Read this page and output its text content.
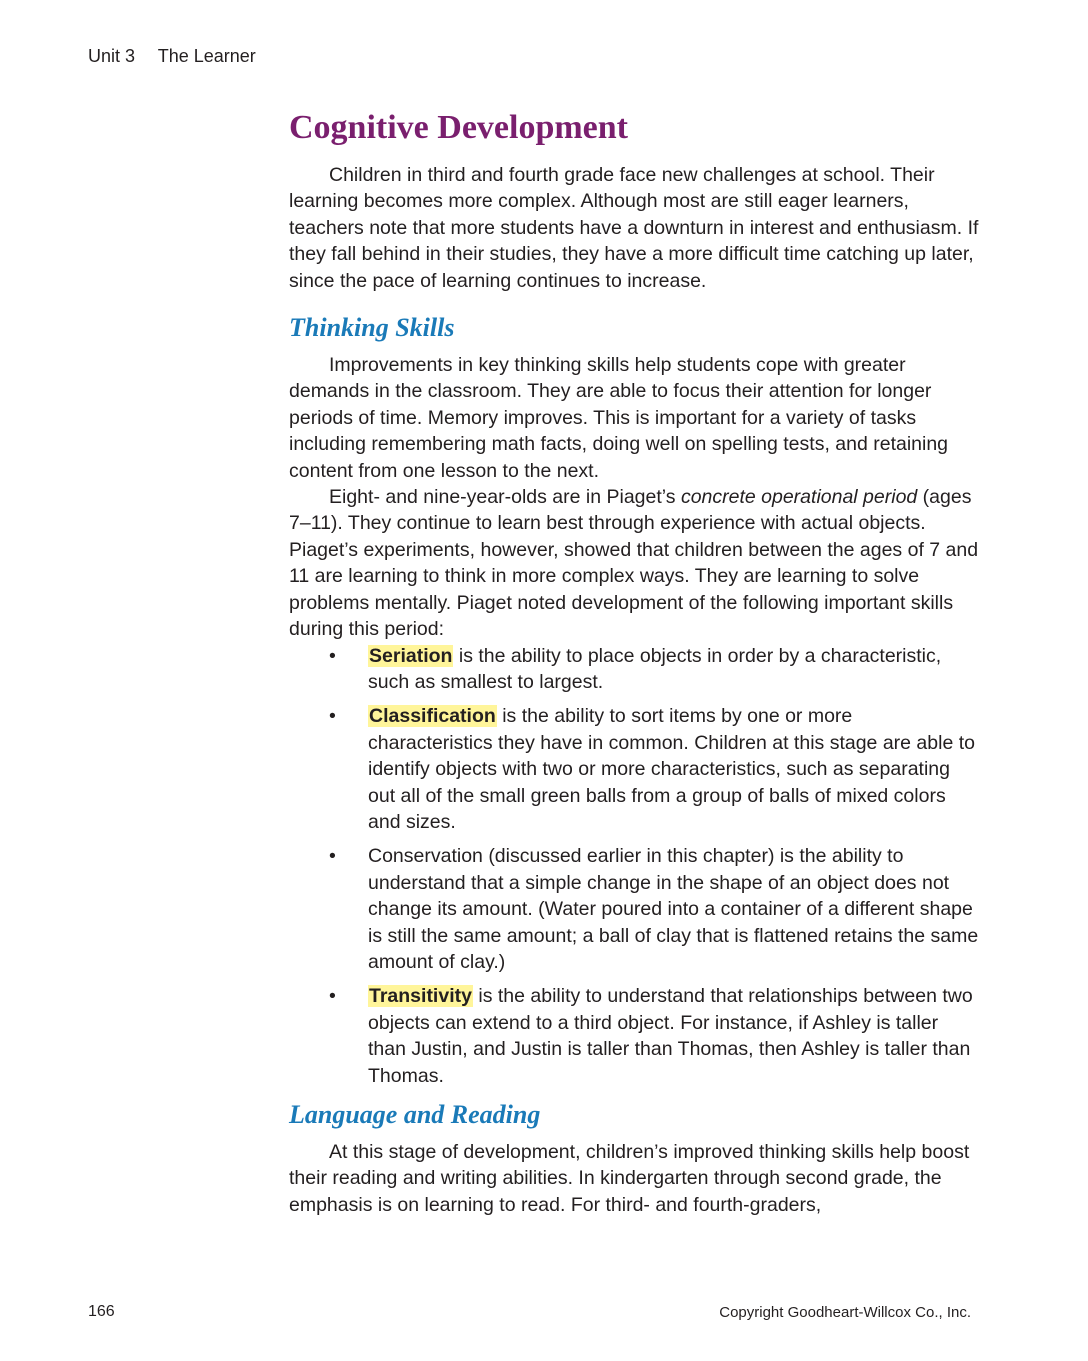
Unit 3 The Learner
Cognitive Development

Children in third and fourth grade face new challenges at school. Their learning becomes more complex. Although most are still eager learners, teachers note that more students have a downturn in interest and enthusiasm. If they fall behind in their studies, they have a more difficult time catching up later, since the pace of learning continues to increase.

Thinking Skills

Improvements in key thinking skills help students cope with greater demands in the classroom. They are able to focus their attention for longer periods of time. Memory improves. This is important for a variety of tasks including remembering math facts, doing well on spelling tests, and retaining content from one lesson to the next.

Eight- and nine-year-olds are in Piaget’s concrete operational period (ages 7–11). They continue to learn best through experience with actual objects. Piaget’s experiments, however, showed that children between the ages of 7 and 11 are learning to think in more complex ways. They are learning to solve problems mentally. Piaget noted development of the following important skills during this period:

• Seriation is the ability to place objects in order by a characteristic, such as smallest to largest.
• Classification is the ability to sort items by one or more characteristics they have in common. Children at this stage are able to identify objects with two or more characteristics, such as separating out all of the small green balls from a group of balls of mixed colors and sizes.
• Conservation (discussed earlier in this chapter) is the ability to understand that a simple change in the shape of an object does not change its amount. (Water poured into a container of a different shape is still the same amount; a ball of clay that is flattened retains the same amount of clay.)
• Transitivity is the ability to understand that relationships between two objects can extend to a third object. For instance, if Ashley is taller than Justin, and Justin is taller than Thomas, then Ashley is taller than Thomas.
Language and Reading

At this stage of development, children’s improved thinking skills help boost their reading and writing abilities. In kindergarten through second grade, the emphasis is on learning to read. For third- and fourth-graders,

166	Copyright Goodheart-Willcox Co., Inc.
